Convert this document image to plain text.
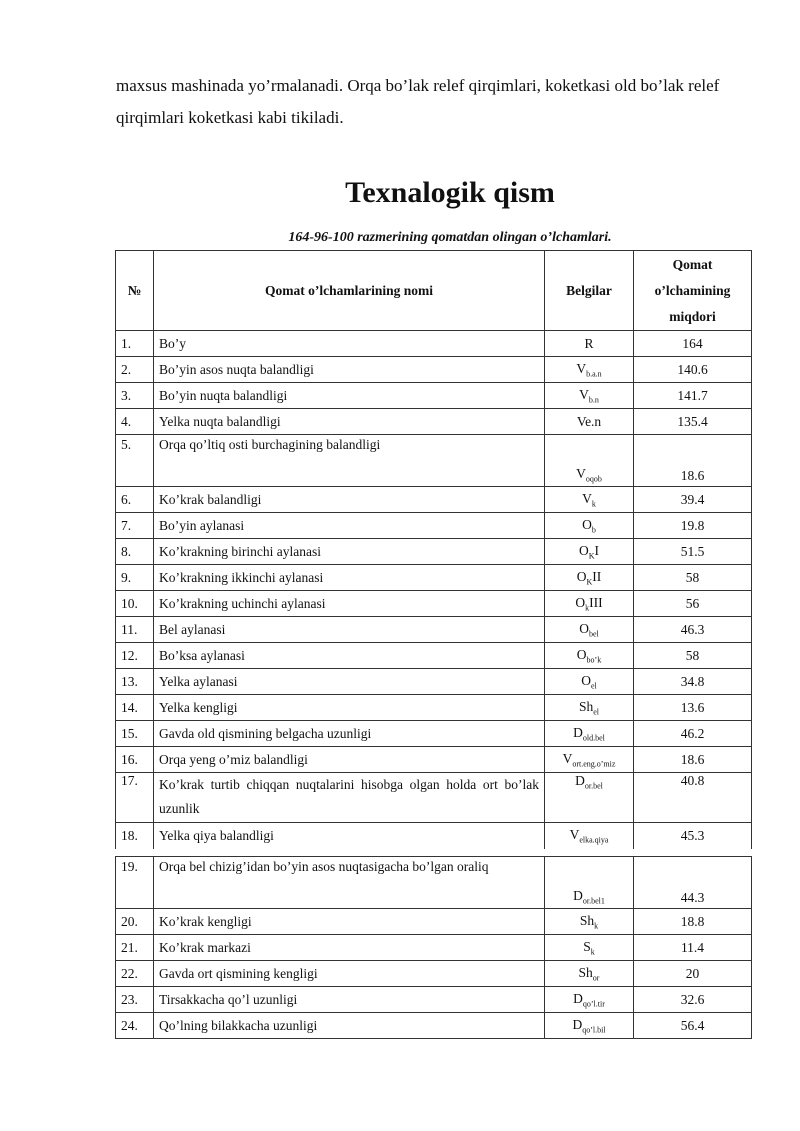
maxsus mashinada yo’rmalanadi. Orqa bo’lak relef qirqimlari, koketkasi old bo’lak relef qirqimlari koketkasi kabi tikiladi.

Texnalogik qism

164-96-100 razmerining qomatdan olingan o’lchamlari.

№	Qomat o’lchamlarining nomi	Belgilar	Qomat o’lchamining miqdori
1.	Bo’y	R	164
2.	Bo’yin asos nuqta balandligi	$V_{b.a.n}$	140.6
3.	Bo’yin nuqta balandligi	$V_{b.n}$	141.7
4.	Yelka nuqta balandligi	Ve.n	135.4
5.	Orqa qo’ltiq osti burchagining balandligi	$V_{oqob}$	18.6
6.	Ko’krak balandligi	$V_k$	39.4
7.	Bo’yin aylanasi	$O_b$	19.8
8.	Ko’krakning birinchi aylanasi	$O_KI$	51.5
9.	Ko’krakning ikkinchi aylanasi	$O_KII$	58
10.	Ko’krakning uchinchi aylanasi	$O_kIII$	56
11.	Bel aylanasi	$O_{bel}$	46.3
12.	Bo’ksa aylanasi	$O_{bo’k}$	58
13.	Yelka aylanasi	$O_{el}$	34.8
14.	Yelka kengligi	$Sh_{el}$	13.6
15.	Gavda old qismining belgacha uzunligi	$D_{old.bel}$	46.2
16.	Orqa yeng o’miz balandligi	$V_{ort.eng.o’miz}$	18.6
17.	Ko’krak turtib chiqqan nuqtalarini hisobga olgan holda ort bo’lak uzunlik	$D_{or.bel}$	40.8
18.	Yelka qiya balandligi	$V_{elka.qiya}$	45.3
19.	Orqa bel chizig’idan bo’yin asos nuqtasigacha bo’lgan oraliq	$D_{or.bel1}$	44.3
20.	Ko’krak kengligi	$Sh_k$	18.8
21.	Ko’krak markazi	$S_k$	11.4
22.	Gavda ort qismining kengligi	$Sh_{or}$	20
23.	Tirsakkacha qo’l uzunligi	$D_{qo’l.tir}$	32.6
24.	Qo’lning bilakkacha uzunligi	$D_{qo’l.bil}$	56.4
